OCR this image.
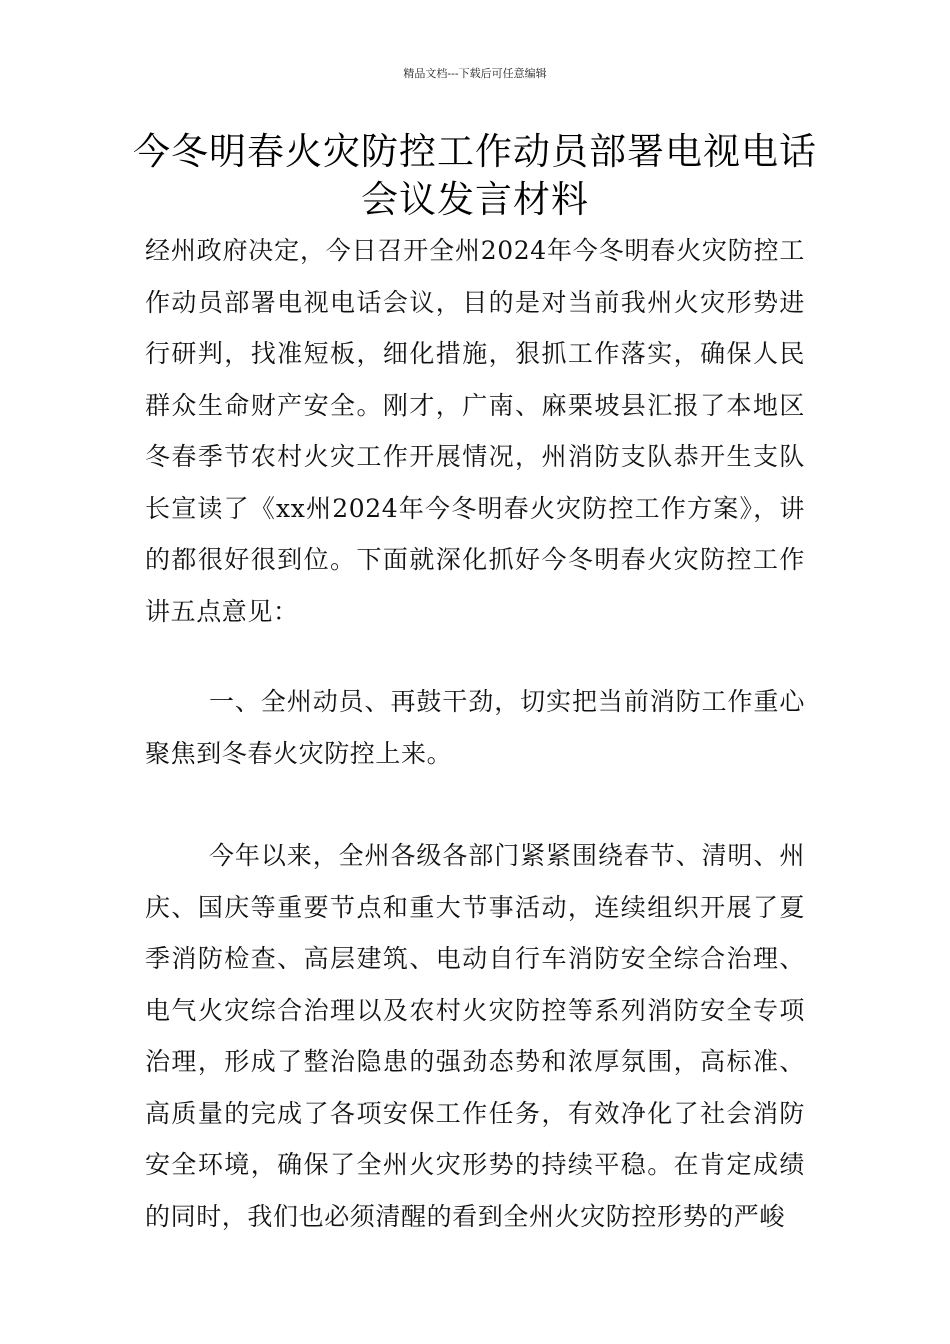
精品文档---下载后可任意编辑
今冬明春火灾防控工作动员部署电视电话会议发言材料
经州政府决定，今日召开全州2024年今冬明春火灾防控工作动员部署电视电话会议，目的是对当前我州火灾形势进行研判，找准短板，细化措施，狠抓工作落实，确保人民群众生命财产安全。刚才，广南、麻栗坡县汇报了本地区冬春季节农村火灾工作开展情况，州消防支队恭开生支队长宣读了《xx州2024年今冬明春火灾防控工作方案》，讲的都很好很到位。下面就深化抓好今冬明春火灾防控工作讲五点意见：
一、全州动员、再鼓干劲，切实把当前消防工作重心聚焦到冬春火灾防控上来。
今年以来，全州各级各部门紧紧围绕春节、清明、州庆、国庆等重要节点和重大节事活动，连续组织开展了夏季消防检查、高层建筑、电动自行车消防安全综合治理、电气火灾综合治理以及农村火灾防控等系列消防安全专项治理，形成了整治隐患的强劲态势和浓厚氛围，高标准、高质量的完成了各项安保工作任务，有效净化了社会消防安全环境，确保了全州火灾形势的持续平稳。在肯定成绩的同时，我们也必须清醒的看到全州火灾防控形势的严峻
